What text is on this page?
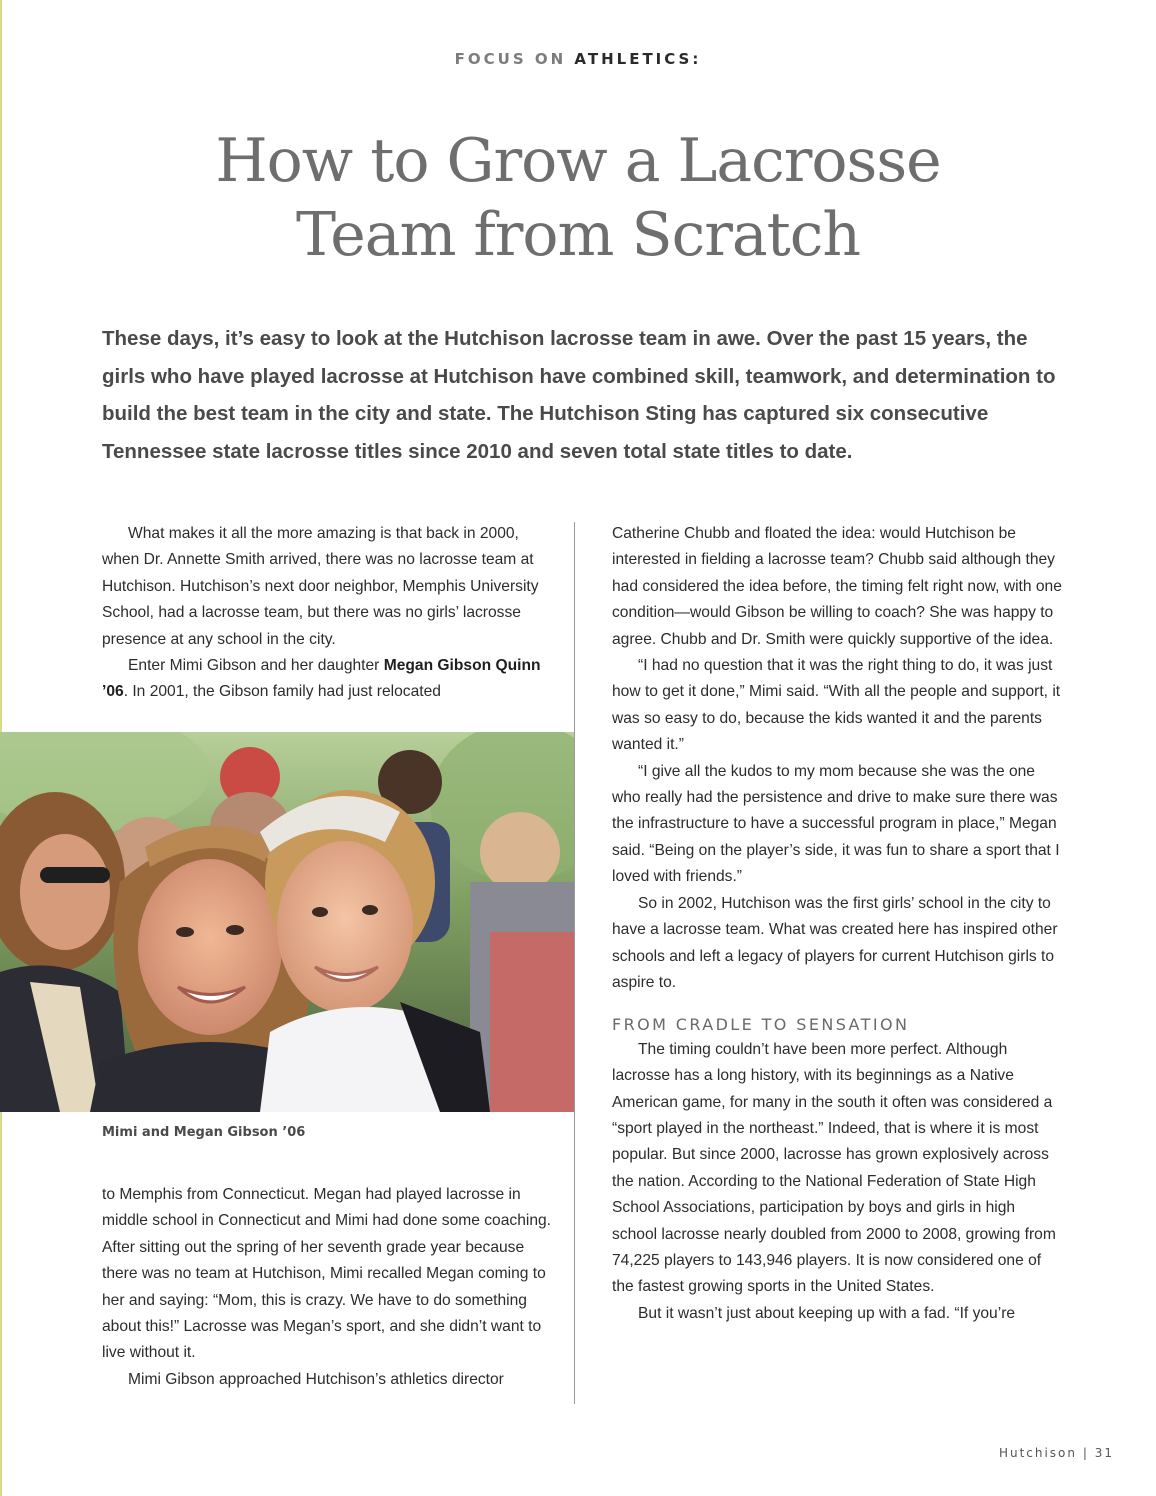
FOCUS ON ATHLETICS:
How to Grow a Lacrosse
Team from Scratch

These days, it’s easy to look at the Hutchison lacrosse team in awe. Over the past 15 years, the girls who have played lacrosse at Hutchison have combined skill, teamwork, and determination to build the best team in the city and state. The Hutchison Sting has captured six consecutive Tennessee state lacrosse titles since 2010 and seven total state titles to date.

What makes it all the more amazing is that back in 2000, when Dr. Annette Smith arrived, there was no lacrosse team at Hutchison. Hutchison’s next door neighbor, Memphis University School, had a lacrosse team, but there was no girls’ lacrosse presence at any school in the city.

Enter Mimi Gibson and her daughter Megan Gibson Quinn ’06. In 2001, the Gibson family had just relocated

Mimi and Megan Gibson ’06

to Memphis from Connecticut. Megan had played lacrosse in middle school in Connecticut and Mimi had done some coaching. After sitting out the spring of her seventh grade year because there was no team at Hutchison, Mimi recalled Megan coming to her and saying: “Mom, this is crazy. We have to do something about this!” Lacrosse was Megan’s sport, and she didn’t want to live without it.

Mimi Gibson approached Hutchison’s athletics director

Catherine Chubb and floated the idea: would Hutchison be interested in fielding a lacrosse team? Chubb said although they had considered the idea before, the timing felt right now, with one condition—would Gibson be willing to coach? She was happy to agree. Chubb and Dr. Smith were quickly supportive of the idea.

“I had no question that it was the right thing to do, it was just how to get it done,” Mimi said. “With all the people and support, it was so easy to do, because the kids wanted it and the parents wanted it.”

“I give all the kudos to my mom because she was the one who really had the persistence and drive to make sure there was the infrastructure to have a successful program in place,” Megan said. “Being on the player’s side, it was fun to share a sport that I loved with friends.”

So in 2002, Hutchison was the first girls’ school in the city to have a lacrosse team. What was created here has inspired other schools and left a legacy of players for current Hutchison girls to aspire to.

FROM CRADLE TO SENSATION

The timing couldn’t have been more perfect. Although lacrosse has a long history, with its beginnings as a Native American game, for many in the south it often was considered a “sport played in the northeast.” Indeed, that is where it is most popular. But since 2000, lacrosse has grown explosively across the nation. According to the National Federation of State High School Associations, participation by boys and girls in high school lacrosse nearly doubled from 2000 to 2008, growing from 74,225 players to 143,946 players. It is now considered one of the fastest growing sports in the United States.

But it wasn’t just about keeping up with a fad. “If you’re

Hutchison | 31
